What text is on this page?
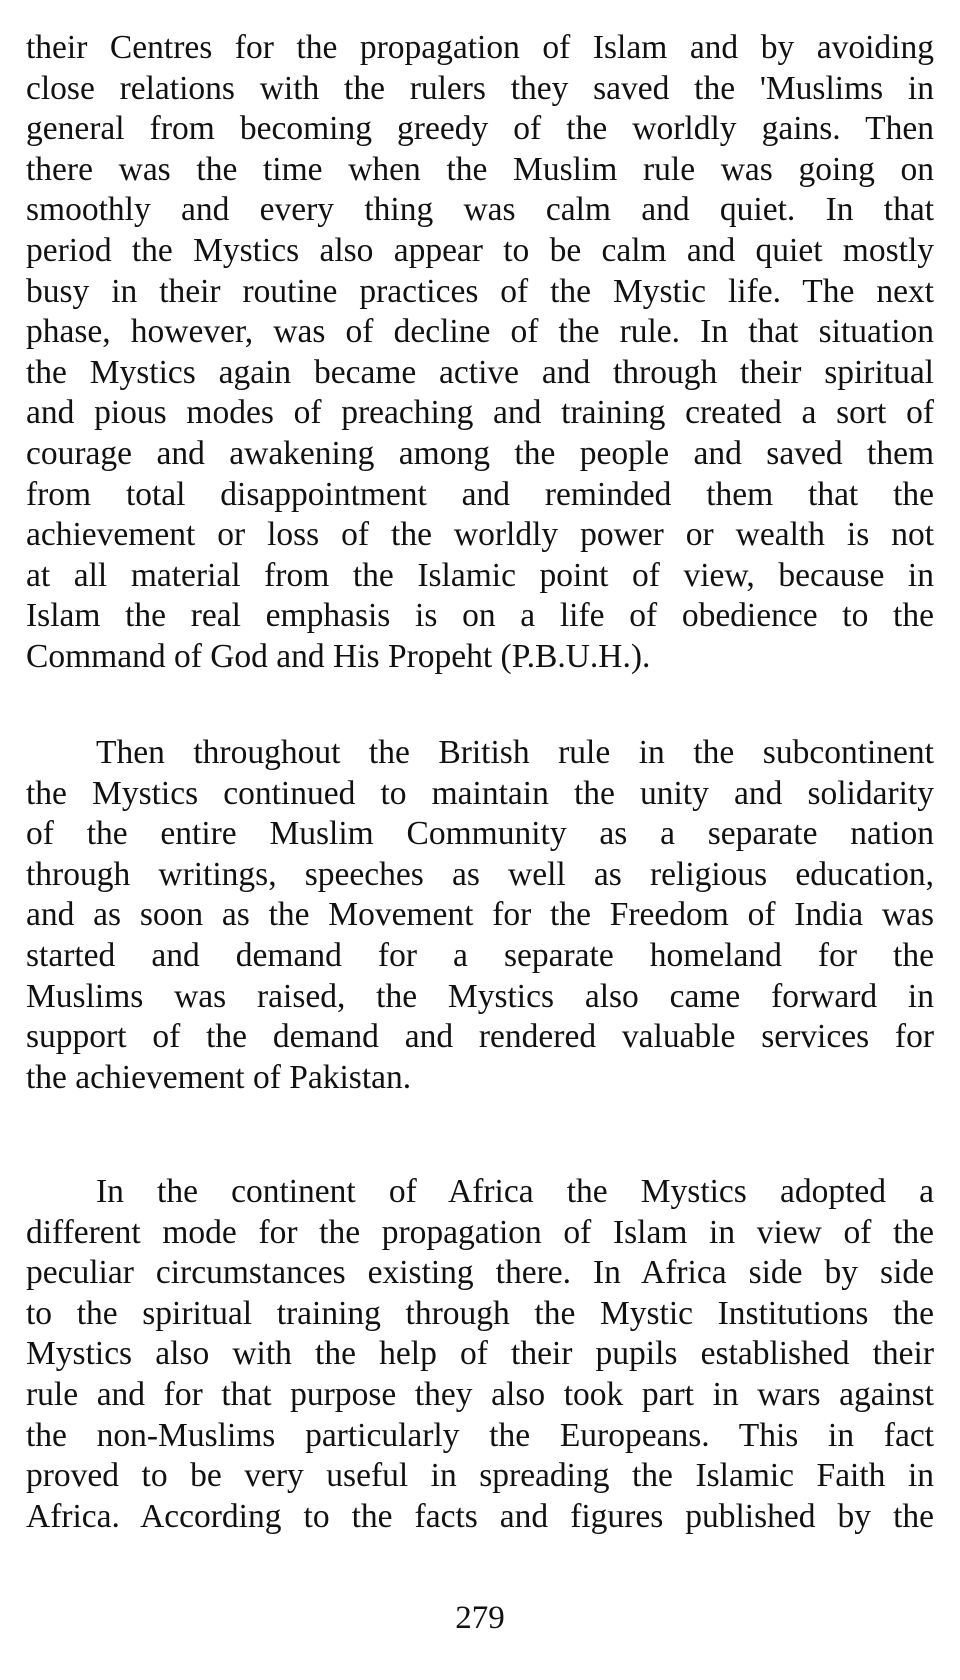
their Centres for the propagation of Islam and by avoiding
close relations with the rulers they saved the 'Muslims in
general from becoming greedy of the worldly gains. Then
there was the time when the Muslim rule was going on
smoothly and every thing was calm and quiet. In that
period the Mystics also appear to be calm and quiet mostly
busy in their routine practices of the Mystic life. The next
phase, however, was of decline of the rule. In that situation
the Mystics again became active and through their spiritual
and pious modes of preaching and training created a sort of
courage and awakening among the people and saved them
from total disappointment and reminded them that the
achievement or loss of the worldly power or wealth is not
at all material from the Islamic point of view, because in
Islam the real emphasis is on a life of obedience to the
Command of God and His Propeht (P.B.U.H.).
Then throughout the British rule in the subcontinent
the Mystics continued to maintain the unity and solidarity
of the entire Muslim Community as a separate nation
through writings, speeches as well as religious education,
and as soon as the Movement for the Freedom of India was
started and demand for a separate homeland for the
Muslims was raised, the Mystics also came forward in
support of the demand and rendered valuable services for
the achievement of Pakistan.
In the continent of Africa the Mystics adopted a
different mode for the propagation of Islam in view of the
peculiar circumstances existing there. In Africa side by side
to the spiritual training through the Mystic Institutions the
Mystics also with the help of their pupils established their
rule and for that purpose they also took part in wars against
the non-Muslims particularly the Europeans. This in fact
proved to be very useful in spreading the Islamic Faith in
Africa. According to the facts and figures published by the
279
